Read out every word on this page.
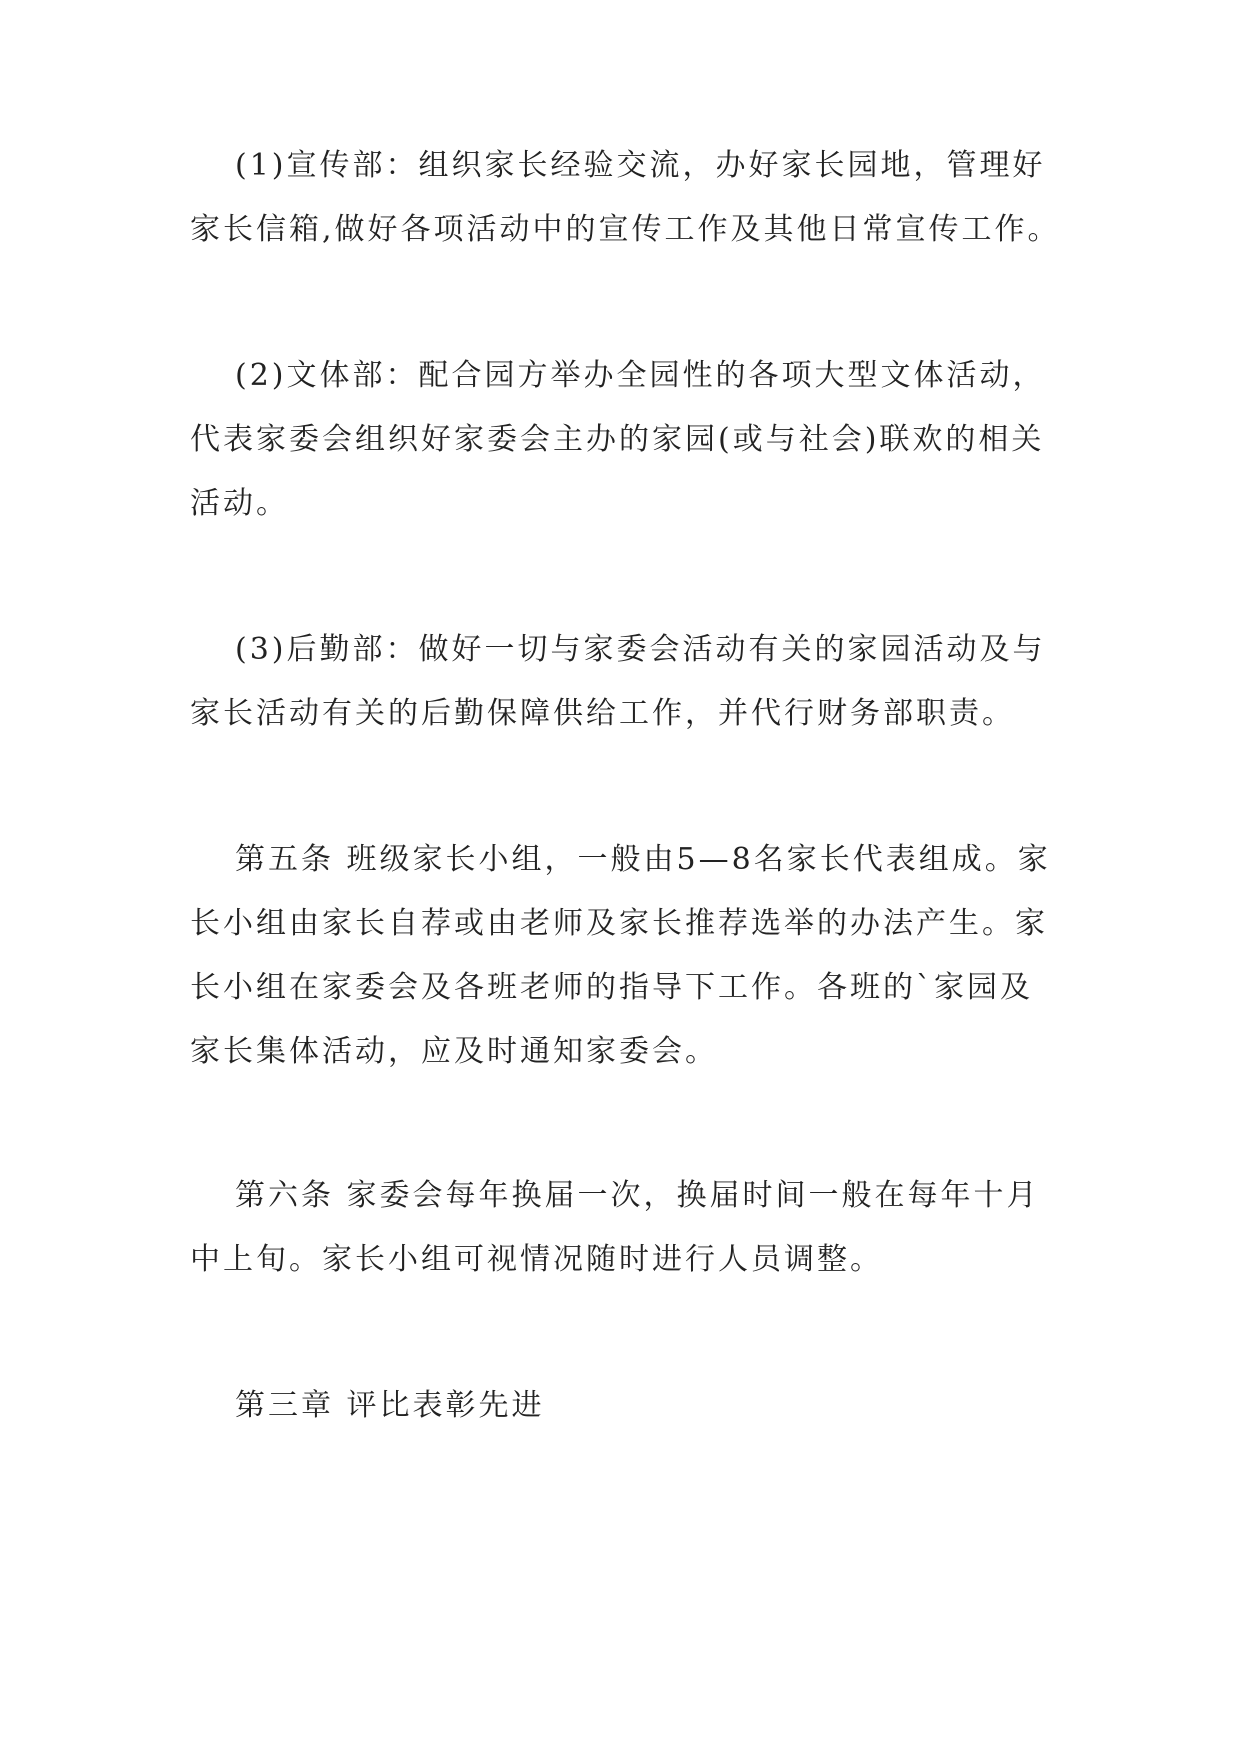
(1)宣传部：组织家长经验交流，办好家长园地，管理好
家长信箱,做好各项活动中的宣传工作及其他日常宣传工作。

(2)文体部：配合园方举办全园性的各项大型文体活动，
代表家委会组织好家委会主办的家园(或与社会)联欢的相关
活动。

(3)后勤部：做好一切与家委会活动有关的家园活动及与
家长活动有关的后勤保障供给工作，并代行财务部职责。

第五条 班级家长小组，一般由5—8名家长代表组成。家
长小组由家长自荐或由老师及家长推荐选举的办法产生。家
长小组在家委会及各班老师的指导下工作。各班的`家园及
家长集体活动，应及时通知家委会。

第六条 家委会每年换届一次，换届时间一般在每年十月
中上旬。家长小组可视情况随时进行人员调整。

第三章 评比表彰先进
